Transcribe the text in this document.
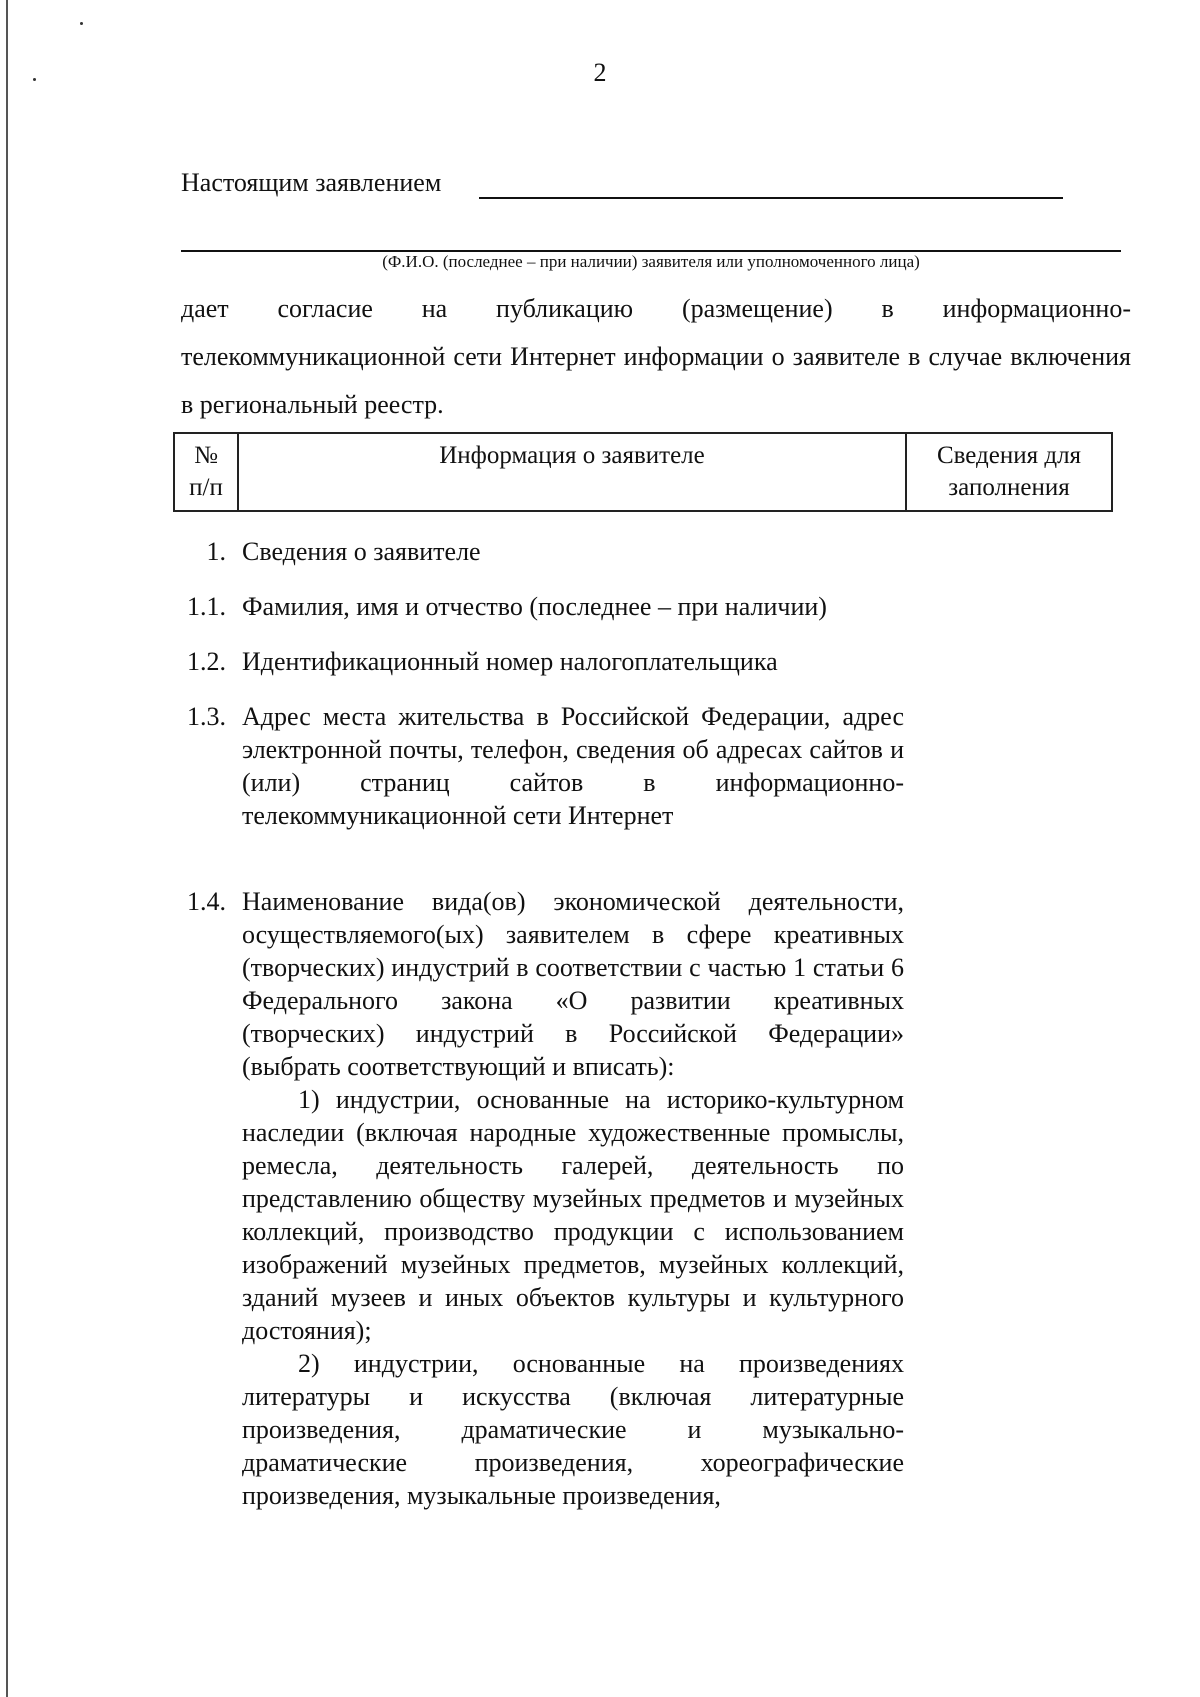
2
Настоящим заявлением
(Ф.И.О. (последнее – при наличии) заявителя или уполномоченного лица)
дает согласие на публикацию (размещение) в информационно-телекоммуникационной сети Интернет информации о заявителе в случае включения в региональный реестр.
№ п/п	Информация о заявителе	Сведения для заполнения
1. Сведения о заявителе
1.1. Фамилия, имя и отчество (последнее – при наличии)
1.2. Идентификационный номер налогоплательщика
1.3. Адрес места жительства в Российской Федерации, адрес электронной почты, телефон, сведения об адресах сайтов и (или) страниц сайтов в информационно-телекоммуникационной сети Интернет
1.4. Наименование вида(ов) экономической деятельности, осуществляемого(ых) заявителем в сфере креативных (творческих) индустрий в соответствии с частью 1 статьи 6 Федерального закона «О развитии креативных (творческих) индустрий в Российской Федерации» (выбрать соответствующий и вписать):

1) индустрии, основанные на историко-культурном наследии (включая народные художественные промыслы, ремесла, деятельность галерей, деятельность по представлению обществу музейных предметов и музейных коллекций, производство продукции с использованием изображений музейных предметов, музейных коллекций, зданий музеев и иных объектов культуры и культурного достояния);

2) индустрии, основанные на произведениях литературы и искусства (включая литературные произведения, драматические и музыкально-драматические произведения, хореографические произведения, музыкальные произведения,
